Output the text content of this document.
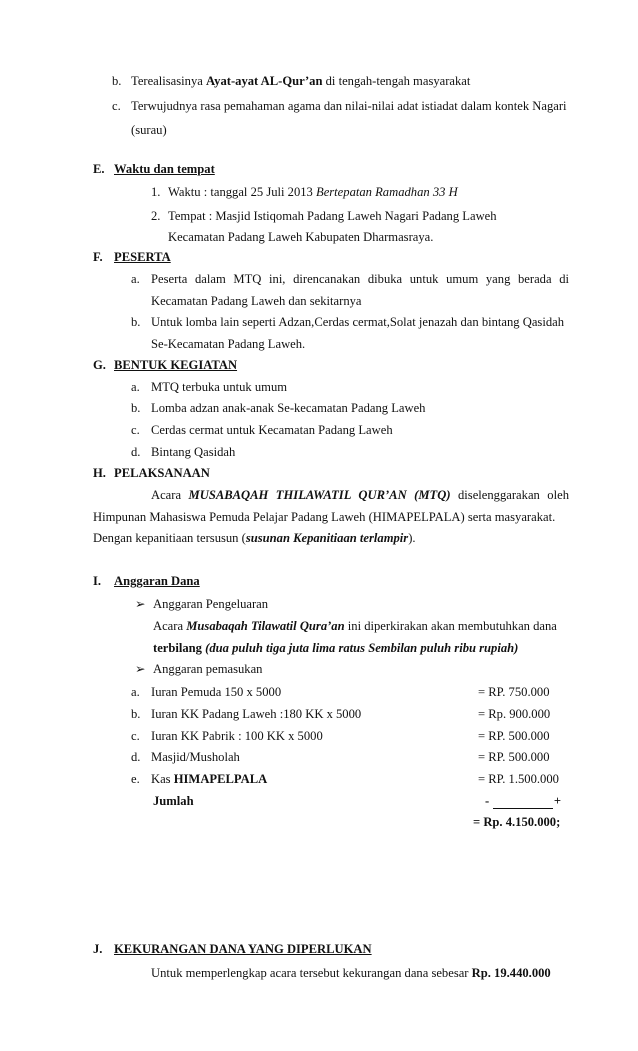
b. Terealisasinya Ayat-ayat AL-Qur’an di tengah-tengah masyarakat
c. Terwujudnya rasa pemahaman agama dan nilai-nilai adat istiadat dalam kontek Nagari
(surau)
E. Waktu dan tempat
1. Waktu : tanggal 25 Juli 2013 Bertepatan Ramadhan 33 H
2. Tempat : Masjid Istiqomah Padang Laweh Nagari Padang Laweh
Kecamatan Padang Laweh Kabupaten Dharmasraya.
F. PESERTA
a. Peserta dalam MTQ ini, direncanakan dibuka untuk umum yang berada di
Kecamatan Padang Laweh dan sekitarnya
b. Untuk lomba lain seperti Adzan,Cerdas cermat,Solat jenazah dan bintang Qasidah
Se-Kecamatan Padang Laweh.
G. BENTUK KEGIATAN
a. MTQ terbuka untuk umum
b. Lomba adzan anak-anak Se-kecamatan Padang Laweh
c. Cerdas cermat untuk Kecamatan Padang Laweh
d. Bintang Qasidah
H. PELAKSANAAN
Acara MUSABAQAH THILAWATIL QUR’AN (MTQ) diselenggarakan oleh
Himpunan Mahasiswa Pemuda Pelajar Padang Laweh (HIMAPELPALA) serta masyarakat.
Dengan kepanitiaan tersusun (susunan Kepanitiaan terlampir).
I. Anggaran Dana
➢ Anggaran Pengeluaran
Acara Musabaqah Tilawatil Qura’an ini diperkirakan akan membutuhkan dana
terbilang (dua puluh tiga juta lima ratus Sembilan puluh ribu rupiah)
➢ Anggaran pemasukan
a. Iuran Pemuda 150 x 5000	= RP. 750.000
b. Iuran KK Padang Laweh :180 KK x 5000	= Rp. 900.000
c. Iuran KK Pabrik : 100 KK x 5000	= RP. 500.000
d. Masjid/Musholah	= RP. 500.000
e. Kas HIMAPELPALA	= RP. 1.500.000
Jumlah	-	+
= Rp. 4.150.000;
J. KEKURANGAN DANA YANG DIPERLUKAN
Untuk memperlengkap acara tersebut kekurangan dana sebesar Rp. 19.440.000
